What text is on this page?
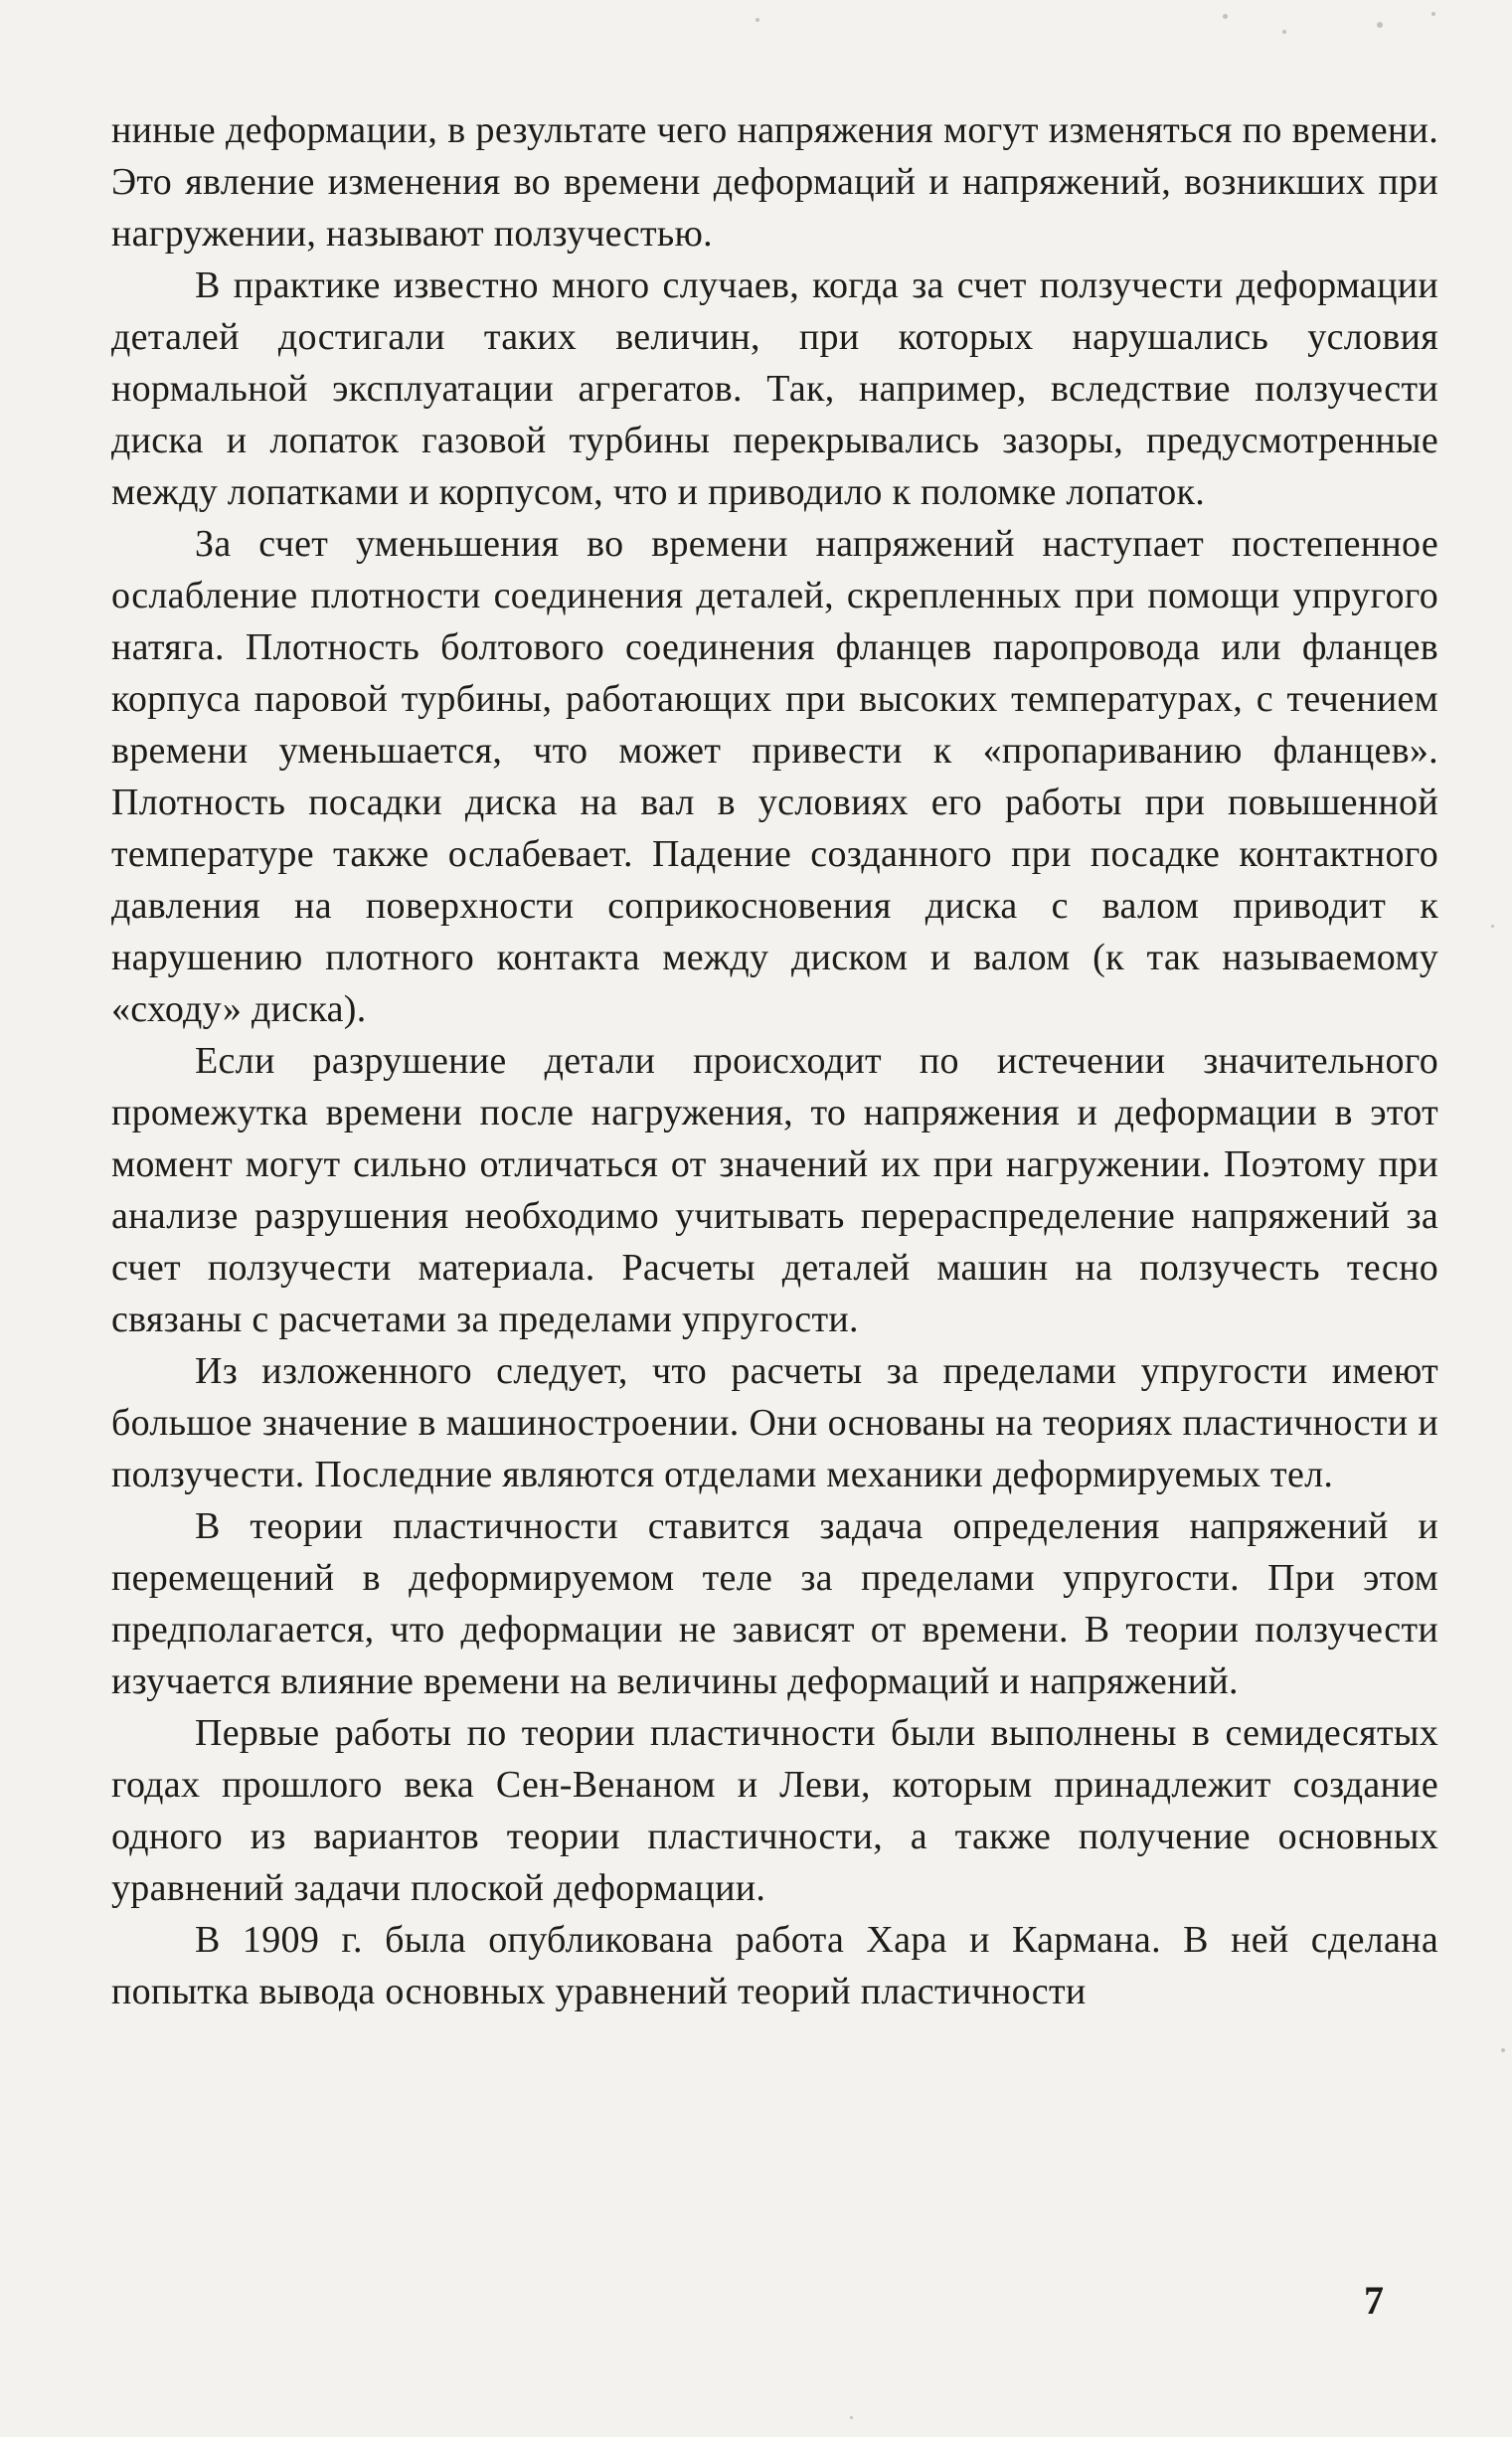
ниные деформации, в результате чего напряжения могут изменяться по времени. Это явление изменения во времени деформаций и напряжений, возникших при нагружении, называют ползучестью.

В практике известно много случаев, когда за счет ползучести деформации деталей достигали таких величин, при которых нарушались условия нормальной эксплуатации агрегатов. Так, например, вследствие ползучести диска и лопаток газовой турбины перекрывались зазоры, предусмотренные между лопатками и корпусом, что и приводило к поломке лопаток.

За счет уменьшения во времени напряжений наступает постепенное ослабление плотности соединения деталей, скрепленных при помощи упругого натяга. Плотность болтового соединения фланцев паропровода или фланцев корпуса паровой турбины, работающих при высоких температурах, с течением времени уменьшается, что может привести к «пропариванию фланцев». Плотность посадки диска на вал в условиях его работы при повышенной температуре также ослабевает. Падение созданного при посадке контактного давления на поверхности соприкосновения диска с валом приводит к нарушению плотного контакта между диском и валом (к так называемому «сходу» диска).

Если разрушение детали происходит по истечении значительного промежутка времени после нагружения, то напряжения и деформации в этот момент могут сильно отличаться от значений их при нагружении. Поэтому при анализе разрушения необходимо учитывать перераспределение напряжений за счет ползучести материала. Расчеты деталей машин на ползучесть тесно связаны с расчетами за пределами упругости.

Из изложенного следует, что расчеты за пределами упругости имеют большое значение в машиностроении. Они основаны на теориях пластичности и ползучести. Последние являются отделами механики деформируемых тел.

В теории пластичности ставится задача определения напряжений и перемещений в деформируемом теле за пределами упругости. При этом предполагается, что деформации не зависят от времени. В теории ползучести изучается влияние времени на величины деформаций и напряжений.

Первые работы по теории пластичности были выполнены в семидесятых годах прошлого века Сен-Венаном и Леви, которым принадлежит создание одного из вариантов теории пластичности, а также получение основных уравнений задачи плоской деформации.

В 1909 г. была опубликована работа Хара и Кармана. В ней сделана попытка вывода основных уравнений теорий пластичности

7
